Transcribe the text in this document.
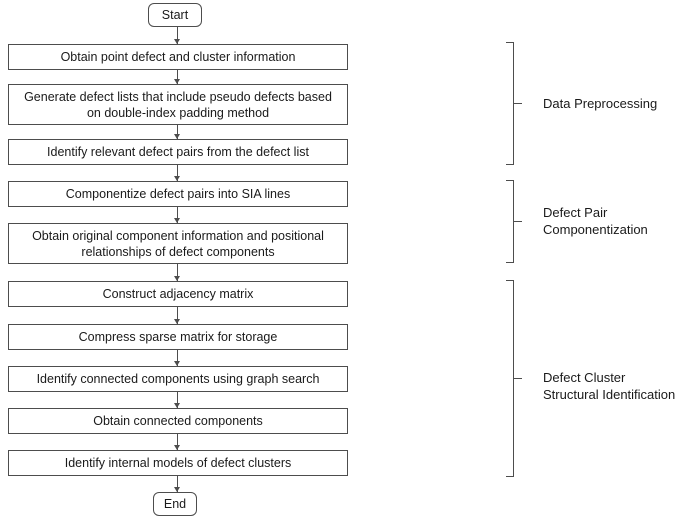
Start
Obtain point defect and cluster information
Generate defect lists that include pseudo defects based on double-index padding method
Identify relevant defect pairs from the defect list
Componentize defect pairs into SIA lines
Obtain original component information and positional relationships of defect components
Construct adjacency matrix
Compress sparse matrix for storage
Identify connected components using graph search
Obtain connected components
Identify internal models of defect clusters
End
Data Preprocessing
Defect Pair
Componentization
Defect Cluster
Structural Identification
